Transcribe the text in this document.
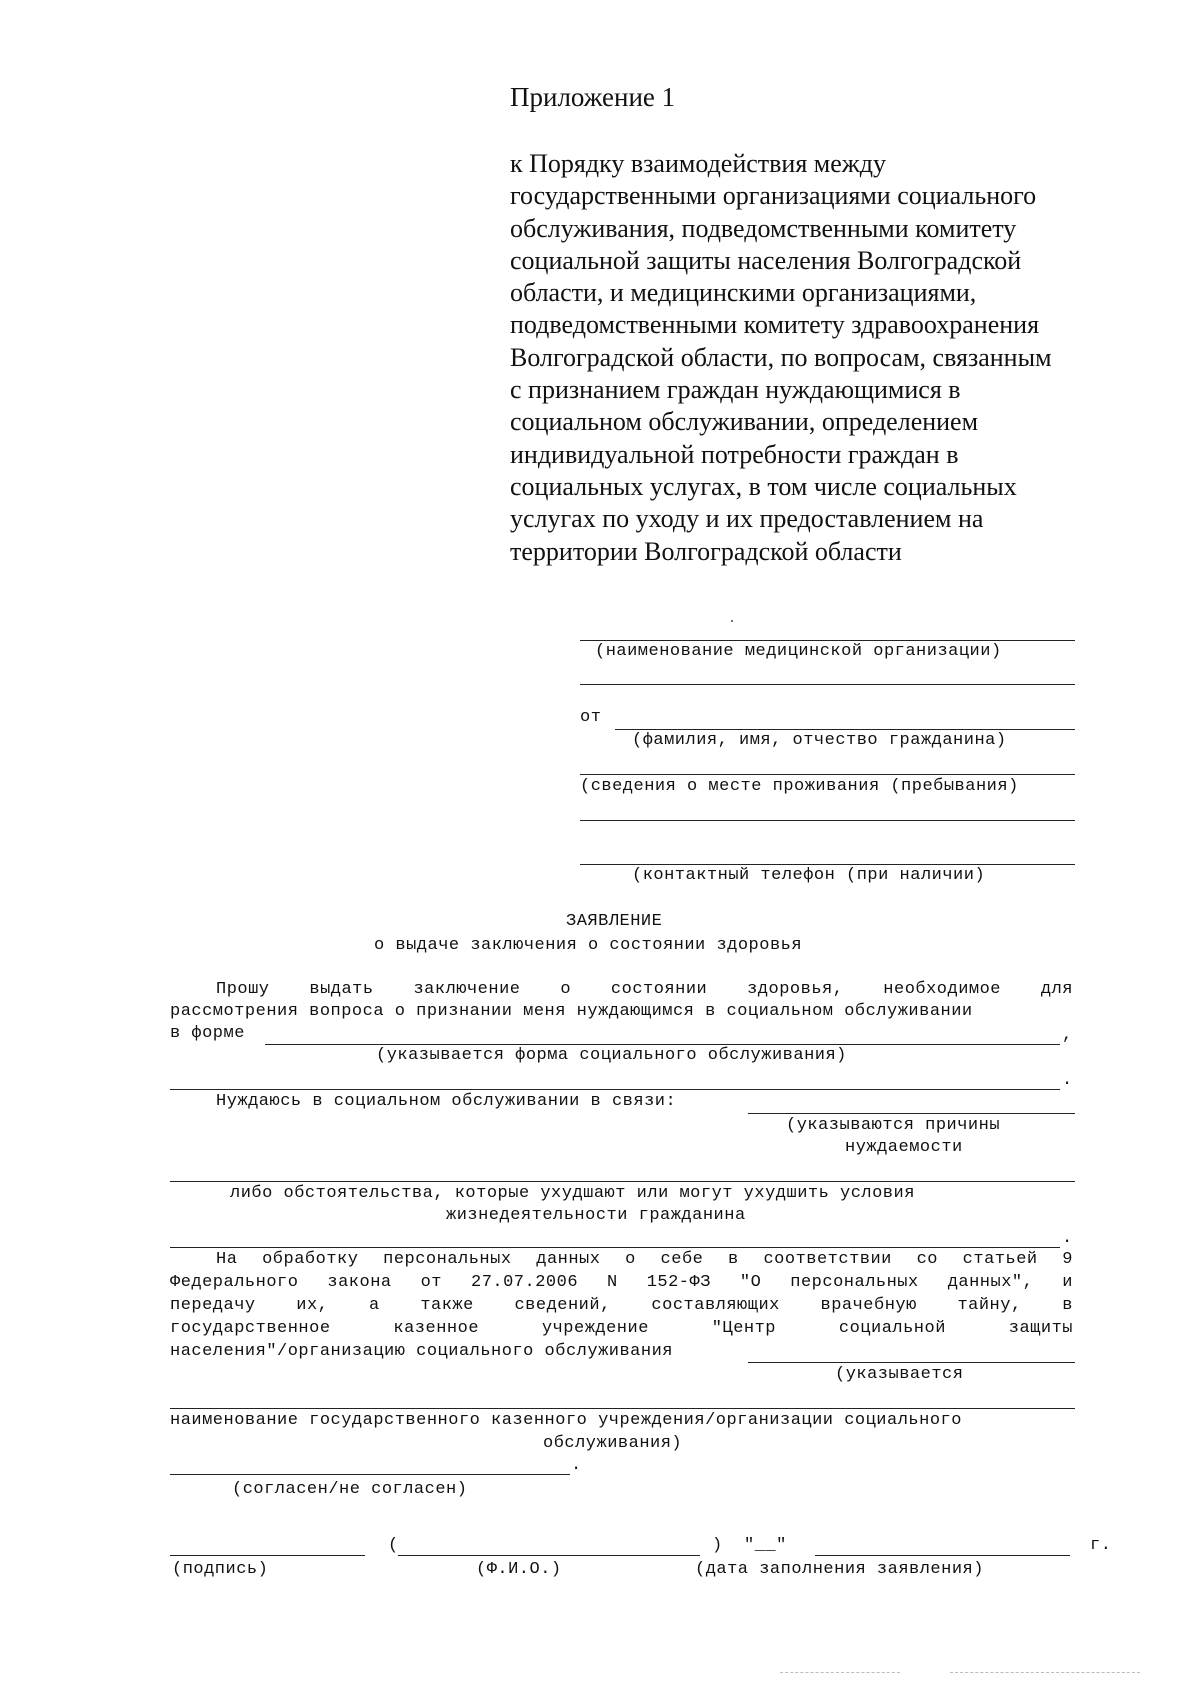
Приложение 1
к Порядку взаимодействия между
государственными организациями социального
обслуживания, подведомственными комитету
социальной защиты населения Волгоградской
области, и медицинскими организациями,
подведомственными комитету здравоохранения
Волгоградской области, по вопросам, связанным
с признанием граждан нуждающимися в
социальном обслуживании, определением
индивидуальной потребности граждан в
социальных услугах, в том числе социальных
услугах по уходу и их предоставлением на
территории Волгоградской области
(наименование медицинской организации)
от
(фамилия, имя, отчество гражданина)
(сведения о месте проживания (пребывания)
(контактный телефон (при наличии)
ЗАЯВЛЕНИЕ
о выдаче заключения о состоянии здоровья
Прошу выдать заключение о состоянии здоровья, необходимое для
рассмотрения вопроса о признании меня нуждающимся в социальном обслуживании
в форме	,
(указывается форма социального обслуживания)
.
Нуждаюсь в социальном обслуживании в связи:
(указываются причины
нуждаемости
либо обстоятельства, которые ухудшают или могут ухудшить условия
жизнедеятельности гражданина
.
На обработку персональных данных о себе в соответствии со статьей 9
Федерального закона от 27.07.2006 N 152-ФЗ "О персональных данных", и
передачу их, а также сведений, составляющих врачебную тайну, в
государственное казенное учреждение "Центр социальной защиты
населения"/организацию социального обслуживания
(указывается
наименование государственного казенного учреждения/организации социального
обслуживания)
.
(согласен/не согласен)
(	) "__"	г.
(подпись)	(Ф.И.О.)	(дата заполнения заявления)
